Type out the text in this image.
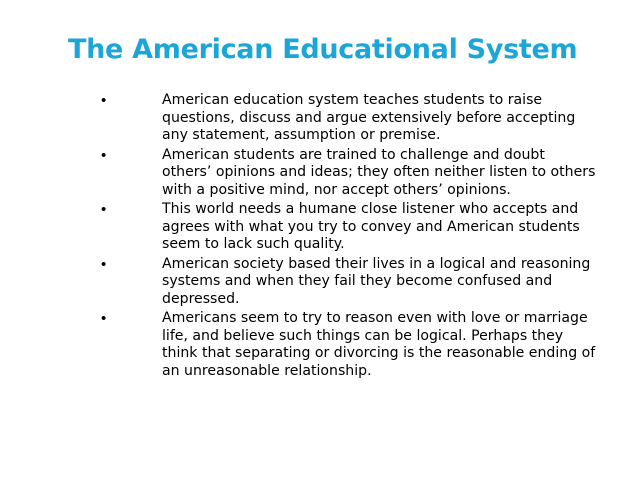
The American Educational System
•	American education system teaches students to raise
questions, discuss and argue extensively before accepting
any statement, assumption or premise.
•	American students are trained to challenge and doubt
others’ opinions and ideas; they often neither listen to others
with a positive mind, nor accept others’ opinions.
•	This world needs a humane close listener who accepts and
agrees with what you try to convey and American students
seem to lack such quality.
•	American society based their lives in a logical and reasoning
systems and when they fail they become confused and
depressed.
•	Americans seem to try to reason even with love or marriage
life, and believe such things can be logical. Perhaps they
think that separating or divorcing is the reasonable ending of
an unreasonable relationship.
